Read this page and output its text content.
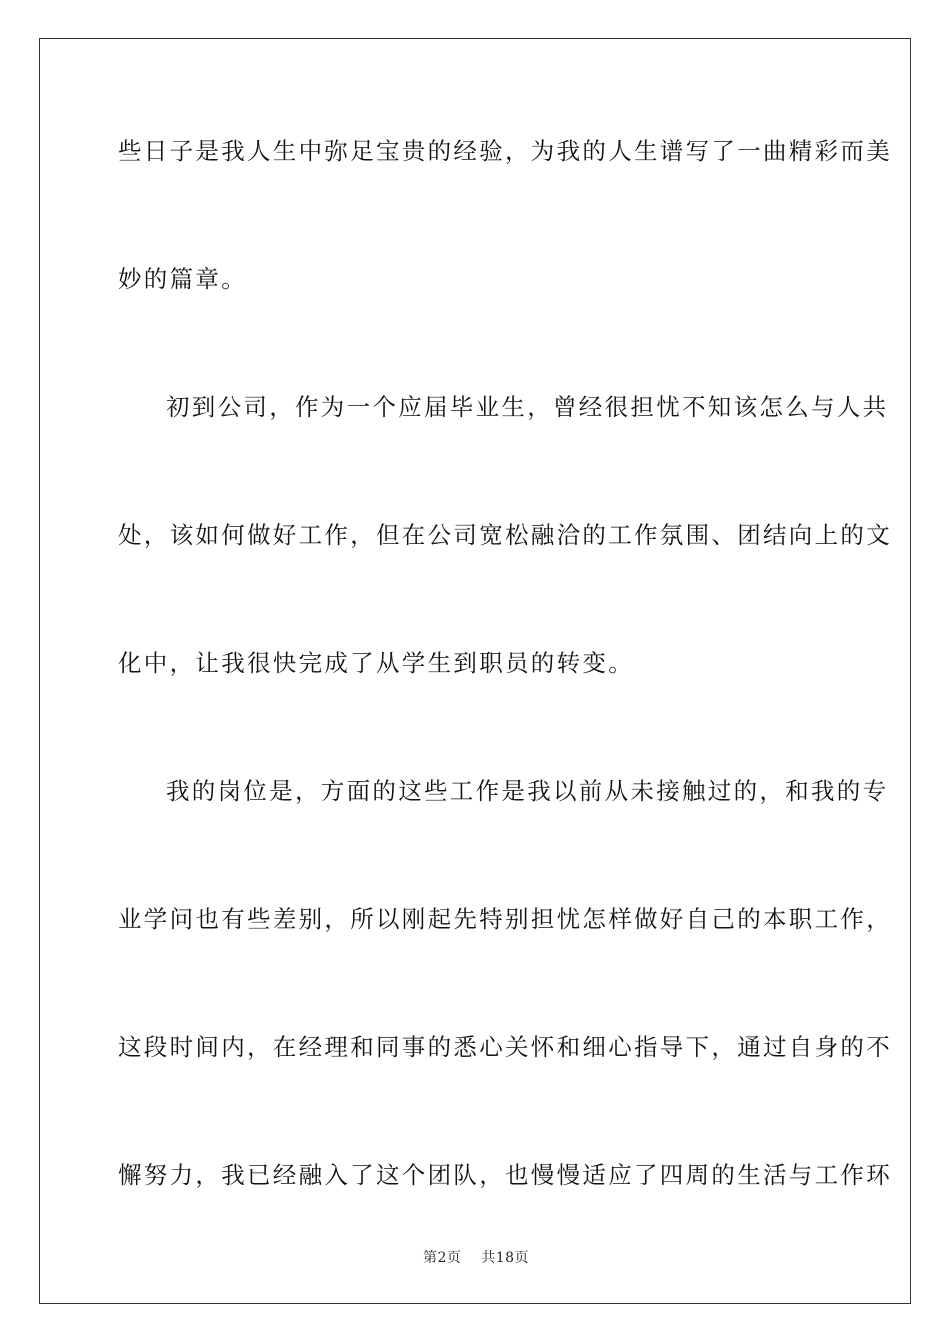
些日子是我人生中弥足宝贵的经验，为我的人生谱写了一曲精彩而美
妙的篇章。
初到公司，作为一个应届毕业生，曾经很担忧不知该怎么与人共
处，该如何做好工作，但在公司宽松融洽的工作氛围、团结向上的文
化中，让我很快完成了从学生到职员的转变。
我的岗位是，方面的这些工作是我以前从未接触过的，和我的专
业学问也有些差别，所以刚起先特别担忧怎样做好自己的本职工作，
这段时间内，在经理和同事的悉心关怀和细心指导下，通过自身的不
懈努力，我已经融入了这个团队，也慢慢适应了四周的生活与工作环
第2页 共18页
